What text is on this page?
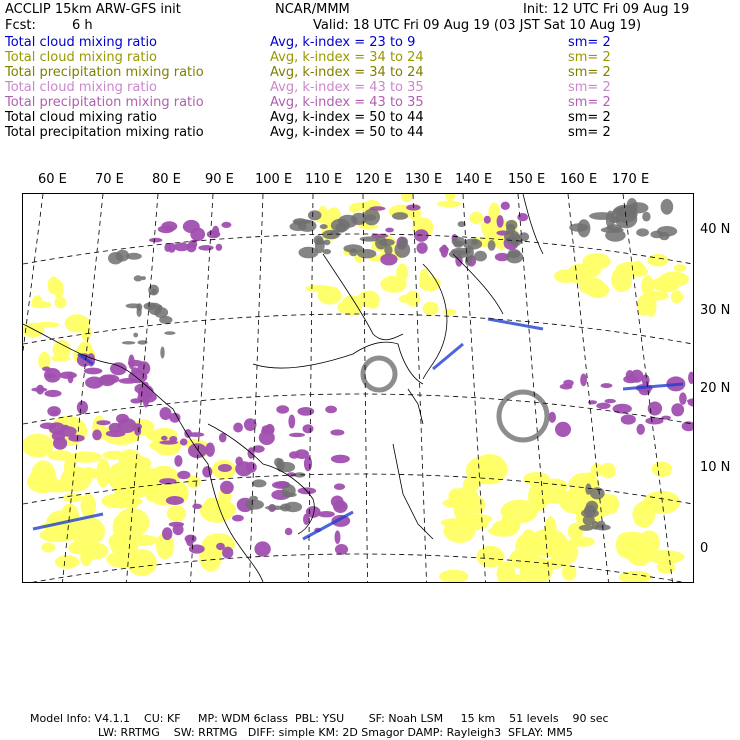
ACCLIP 15km ARW-GFS init	NCAR/MMM	Init: 12 UTC Fri 09 Aug 19
Fcst:	6 h	Valid: 18 UTC Fri 09 Aug 19 (03 JST Sat 10 Aug 19)
Total cloud mixing ratio	Avg, k-index = 23 to 9	sm= 2
Total cloud mixing ratio	Avg, k-index = 34 to 24	sm= 2
Total precipitation mixing ratio	Avg, k-index = 34 to 24	sm= 2
Total cloud mixing ratio	Avg, k-index = 43 to 35	sm= 2
Total precipitation mixing ratio	Avg, k-index = 43 to 35	sm= 2
Total cloud mixing ratio	Avg, k-index = 50 to 44	sm= 2
Total precipitation mixing ratio	Avg, k-index = 50 to 44	sm= 2
60 E 70 E 80 E 90 E 100 E 110 E 120 E 130 E 140 E 150 E 160 E 170 E
40 N
30 N
20 N
10 N
0
Model Info: V4.1.1    CU: KF     MP: WDM 6class  PBL: YSU       SF: Noah LSM     15 km    51 levels    90 sec
LW: RRTMG    SW: RRTMG   DIFF: simple KM: 2D Smagor DAMP: Rayleigh3  SFLAY: MM5
